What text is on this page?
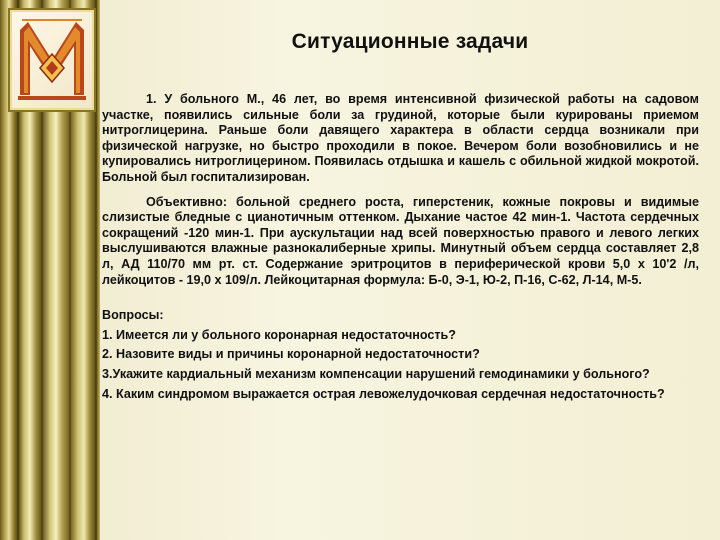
Ситуационные задачи

1. У больного М., 46 лет, во время интенсивной физической работы на садовом участке, появились сильные боли за грудиной, которые были курированы приемом нитроглицерина. Раньше боли давящего характера в области сердца возникали при физической нагрузке, но быстро проходили в покое. Вечером боли возобновились и не купировались нитроглицерином. Появилась отдышка и кашель с обильной жидкой мокротой. Больной был госпитализирован.

Объективно: больной среднего роста, гиперстеник, кожные покровы и видимые слизистые бледные с цианотичным оттенком. Дыхание частое 42 мин-1. Частота сердечных сокращений -120 мин-1. При аускультации над всей поверхностью правого и левого легких выслушиваются влажные разнокалиберные хрипы. Минутный объем сердца составляет 2,8 л, АД 110/70 мм рт. ст. Содержание эритроцитов в периферической крови 5,0 х 10'2 /л, лейкоцитов - 19,0 х 109/л. Лейкоцитарная формула: Б-0, Э-1, Ю-2, П-16, С-62, Л-14, М-5.

Вопросы:

1. Имеется ли у больного коронарная недостаточность?

2. Назовите виды и причины коронарной недостаточности?

3.Укажите кардиальный механизм компенсации нарушений гемодинамики у больного?

4. Каким синдромом выражается острая левожелудочковая сердечная недостаточность?
